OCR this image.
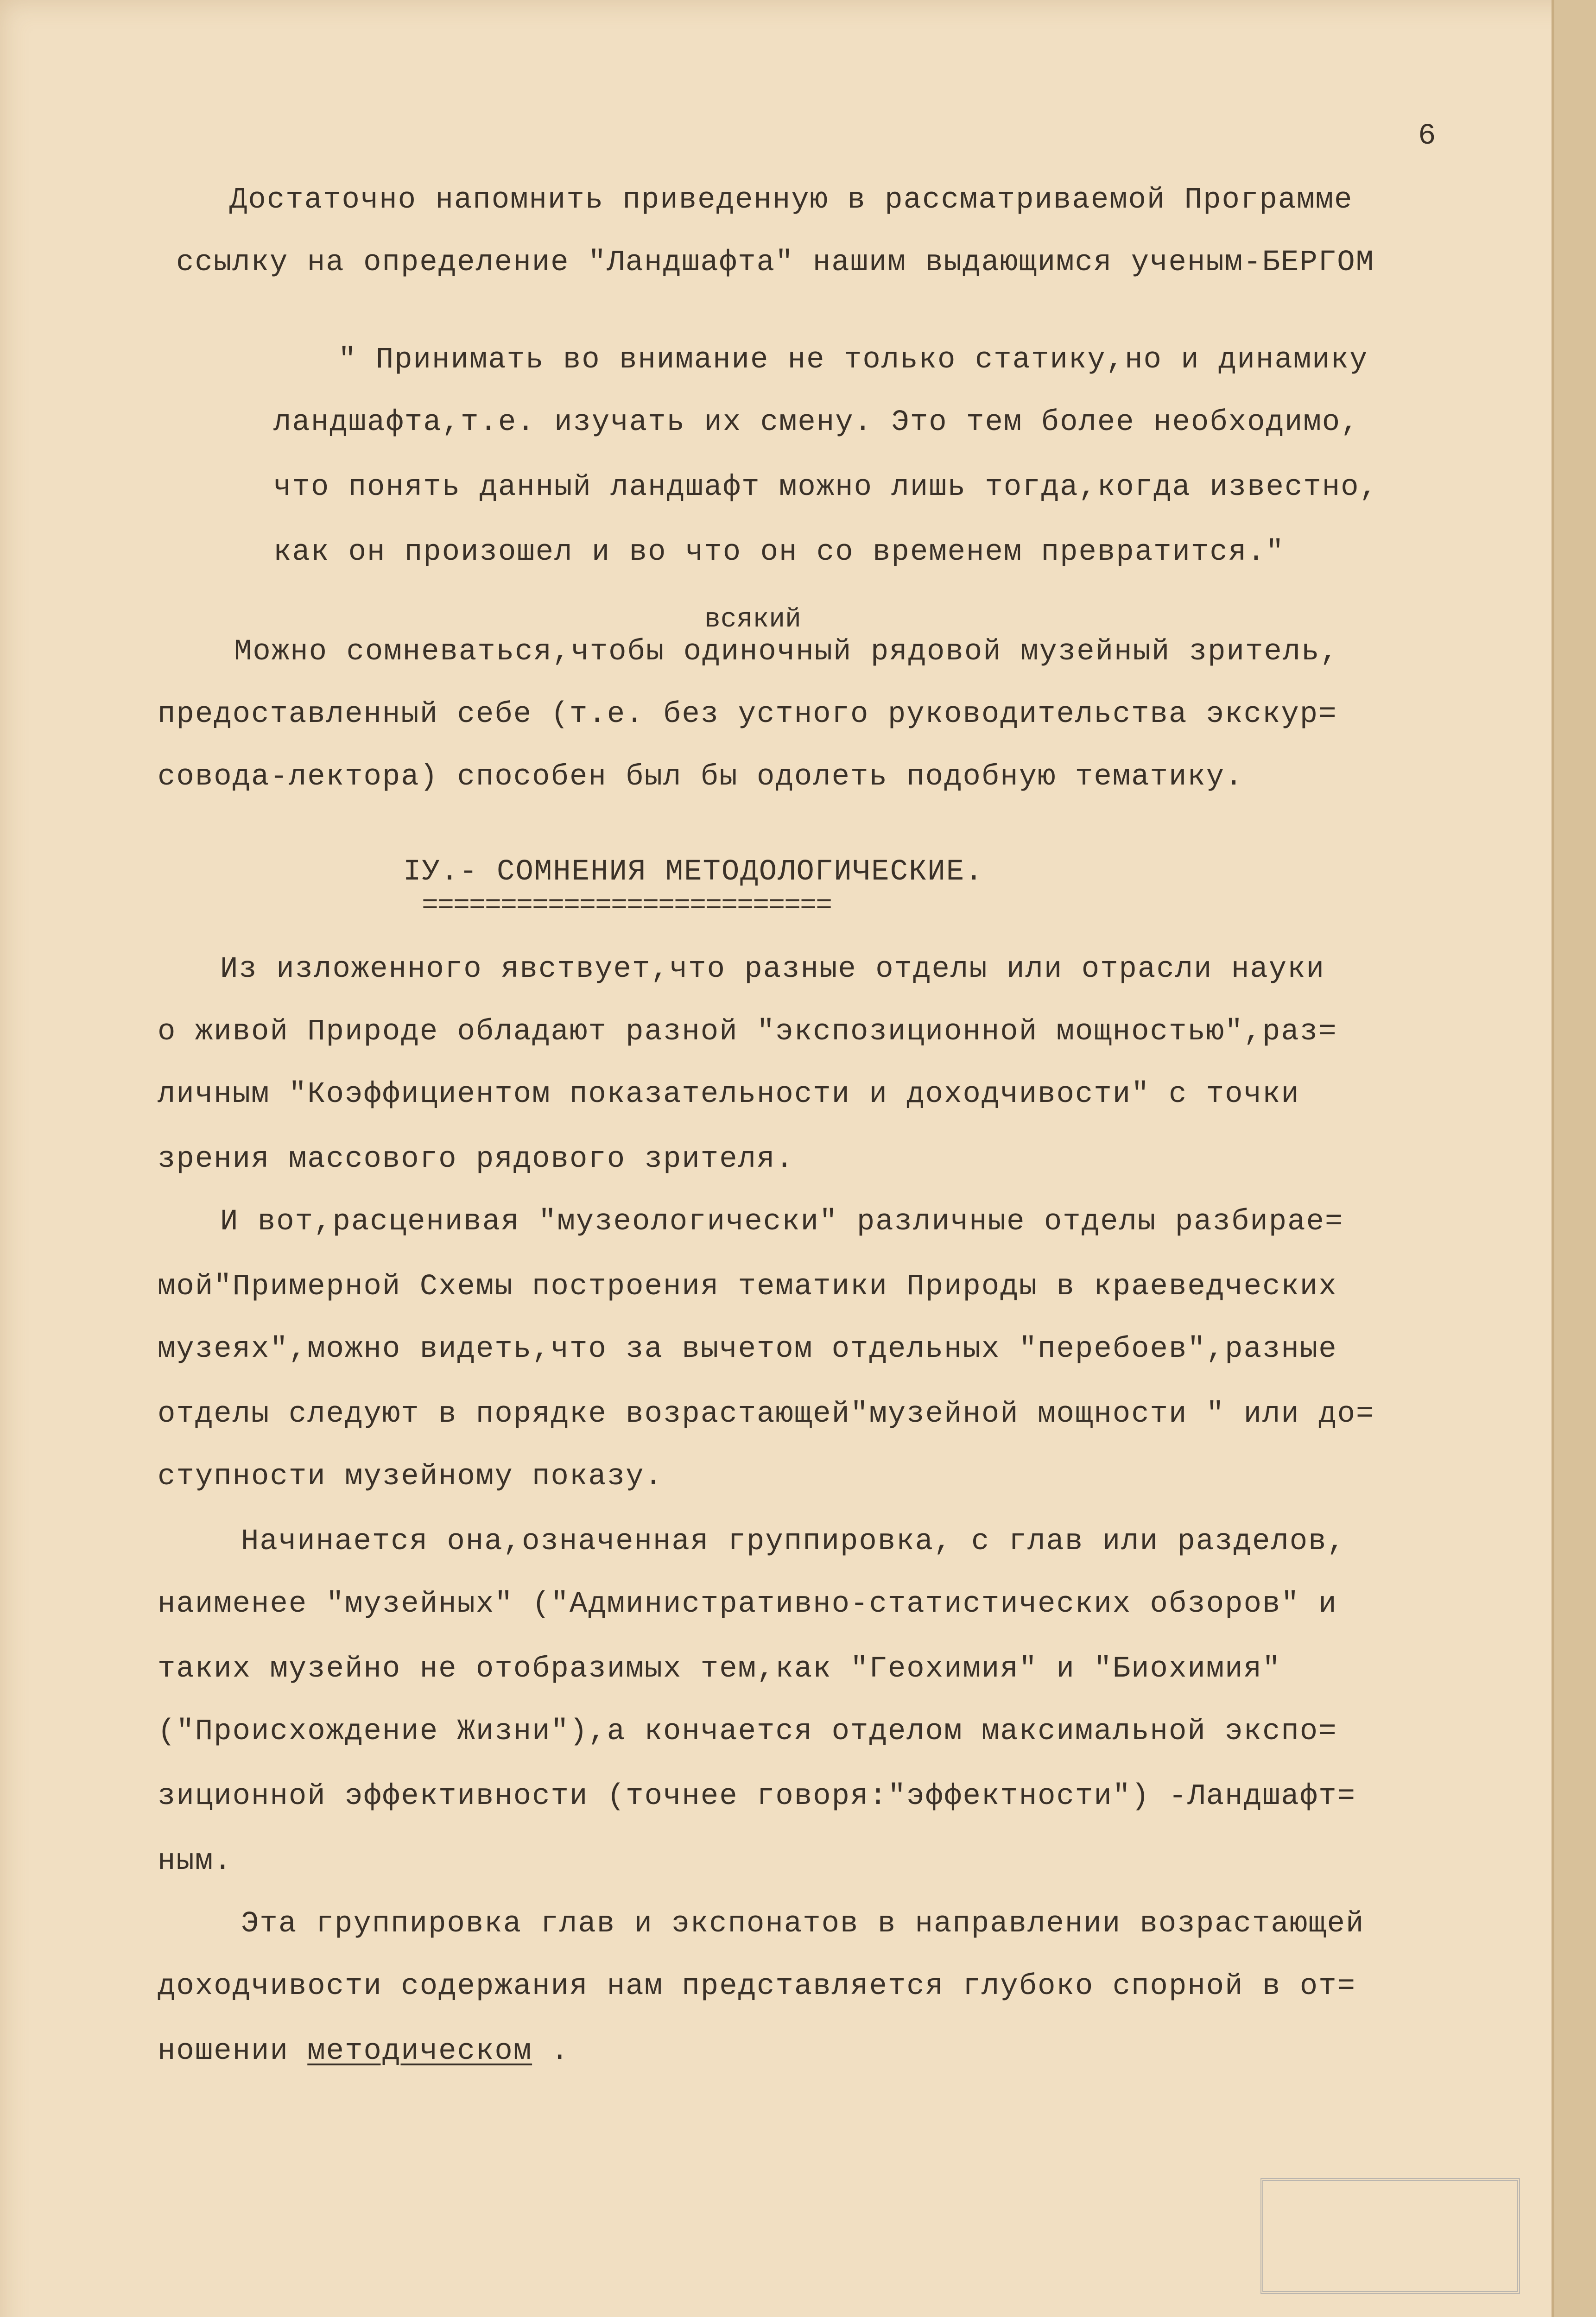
6
Достаточно напомнить приведенную в рассматриваемой Программе
ссылку на определение "Ландшафта" нашим выдающимся ученым-БЕРГОМ
" Принимать во внимание не только статику,но и динамику
ландшафта,т.е. изучать их смену. Это тем более необходимо,
что понять данный ландшафт можно лишь тогда,когда известно,
как он произошел и во что он со временем превратится."
всякий
Можно сомневаться,чтобы одиночный рядовой музейный зритель,
предоставленный себе (т.е. без устного руководительства экскур=
совода-лектора) способен был бы одолеть подобную тематику.
IУ.- СОМНЕНИЯ МЕТОДОЛОГИЧЕСКИЕ.
==========================
Из изложенного явствует,что разные отделы или отрасли науки
о живой Природе обладают разной "экспозиционной мощностью",раз=
личным "Коэффициентом показательности и доходчивости" с точки
зрения массового рядового зрителя.
И вот,расценивая "музеологически" различные отделы разбирае=
мой"Примерной Схемы построения тематики Природы в краеведческих
музеях",можно видеть,что за вычетом отдельных "перебоев",разные
отделы следуют в порядке возрастающей"музейной мощности " или до=
ступности музейному показу.
Начинается она,означенная группировка, с глав или разделов,
наименее "музейных" ("Административно-статистических обзоров" и
таких музейно не отобразимых тем,как "Геохимия" и "Биохимия"
("Происхождение Жизни"),а кончается отделом максимальной экспо=
зиционной эффективности (точнее говоря:"эффектности") -Ландшафт=
ным.
Эта группировка глав и экспонатов в направлении возрастающей
доходчивости содержания нам представляется глубоко спорной в от=
ношении методическом .
